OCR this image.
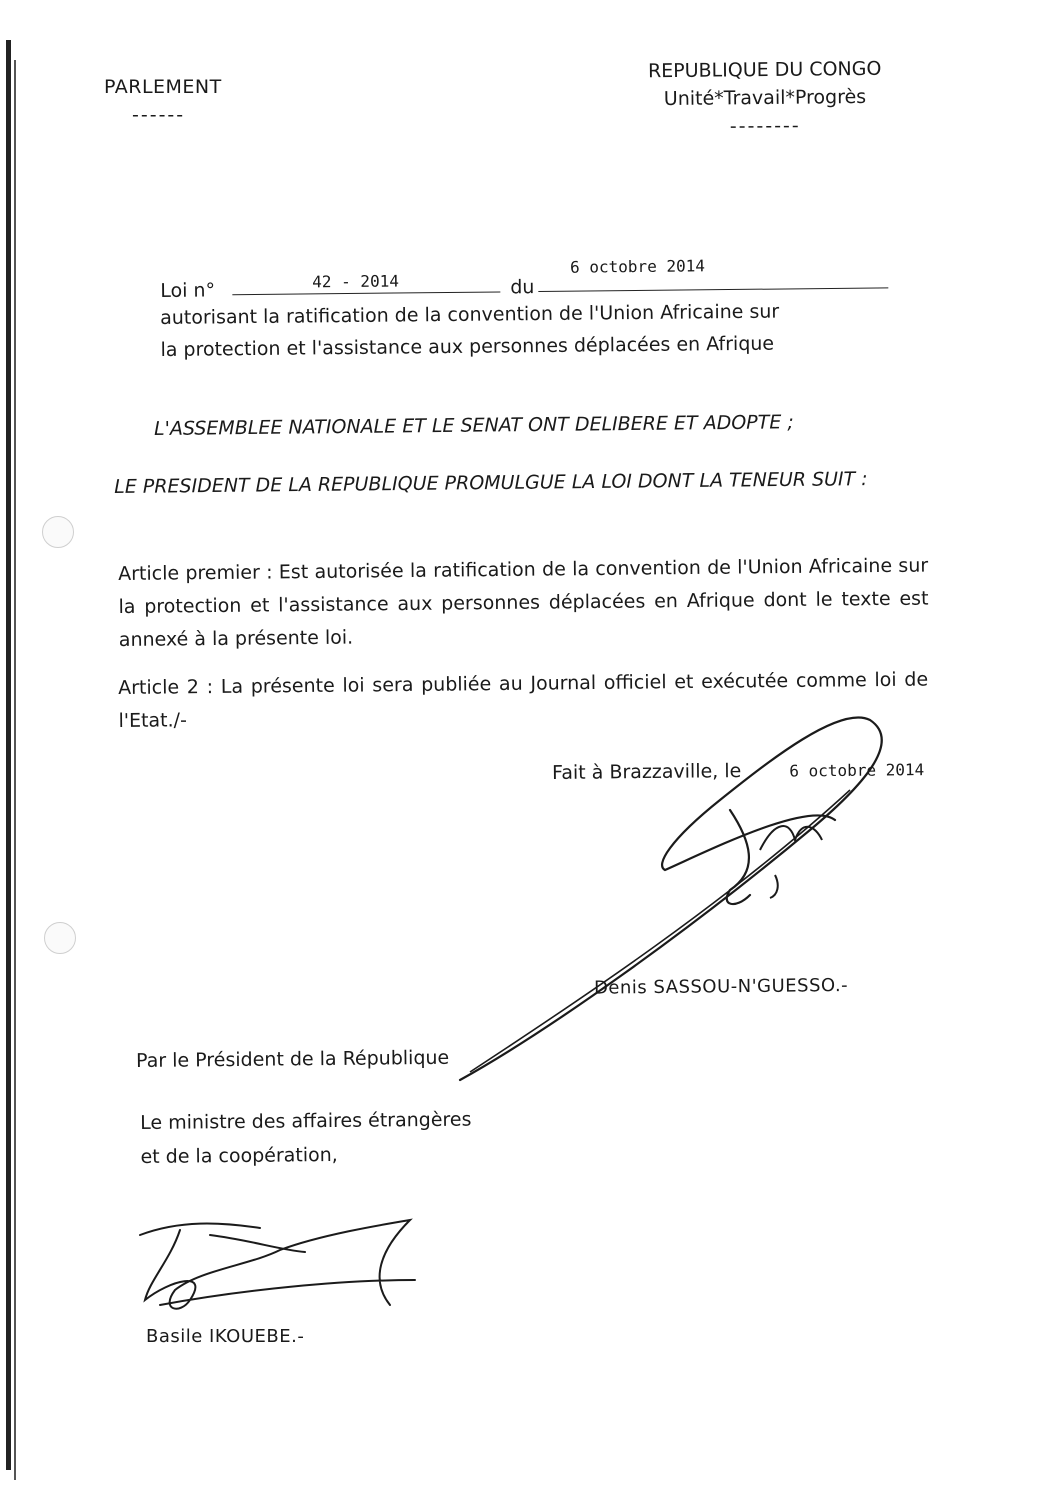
PARLEMENT
------
REPUBLIQUE DU CONGO
Unité*Travail*Progrès
--------
Loi n°	42 - 2014	du
6 octobre 2014
autorisant la ratification de la convention de l'Union Africaine sur
la protection et l'assistance aux personnes déplacées en Afrique
L'ASSEMBLEE NATIONALE ET LE SENAT ONT DELIBERE ET ADOPTE ;
LE PRESIDENT DE LA REPUBLIQUE PROMULGUE LA LOI DONT LA TENEUR SUIT :
Article premier : Est autorisée la ratification de la convention de l'Union Africaine sur la protection et l'assistance aux personnes déplacées en Afrique dont le texte est annexé à la présente loi.
Article 2 : La présente loi sera publiée au Journal officiel et exécutée comme loi de l'Etat./-
Fait à Brazzaville, le	6 octobre 2014
Denis SASSOU-N'GUESSO.-
Par le Président de la République
Le ministre des affaires étrangères
et de la coopération,
Basile IKOUEBE.-
